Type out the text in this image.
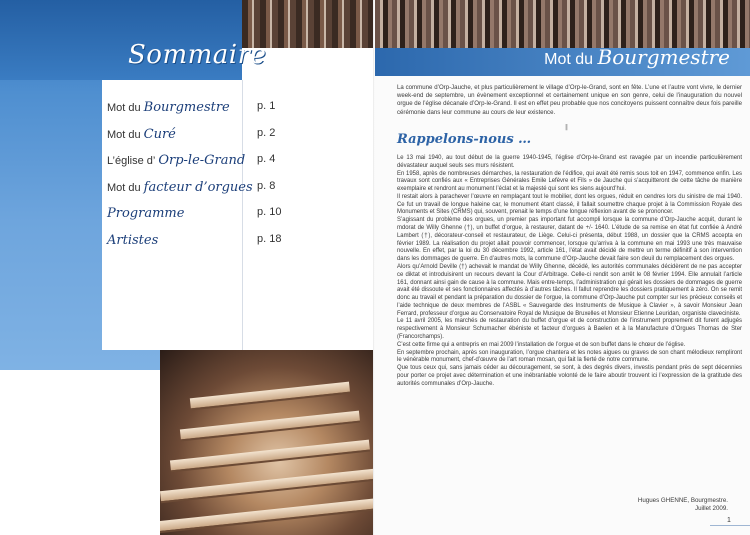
Sommaire
Mot du Bourgmestre p. 1
Mot du Curé	p. 2
L’église d’ Orp-le-Grand p. 4
Mot du facteur d’orgues p. 8
Programme	p. 10
Artistes	p. 18
Mot du Bourgmestre
La commune d’Orp-Jauche, et plus particulièrement le village d’Orp-le-Grand, sont en fête. L’une et l’autre vont vivre, le dernier week-end de septembre, un évènement exceptionnel et certainement unique en son genre, celui de l’inauguration du nouvel orgue de l’église décanale d’Orp-le-Grand. Il est en effet peu probable que nos concitoyens puissent connaître deux fois pareille cérémonie dans leur commune au cours de leur existence.
‖
Rappelons-nous …

Le 13 mai 1940, au tout début de la guerre 1940-1945, l’église d’Orp-le-Grand est ravagée par un incendie particulièrement dévastateur auquel seuls ses murs résistent.

En 1958, après de nombreuses démarches, la restauration de l’édifice, qui avait été remis sous toit en 1947, commence enfin. Les travaux sont confiés aux « Entreprises Générales Emile Lefèvre et Fils » de Jauche qui s’acquitteront de cette tâche de manière exemplaire et rendront au monument l’éclat et la majesté qui sont les siens aujourd’hui.

Il restait alors à parachever l’œuvre en remplaçant tout le mobilier, dont les orgues, réduit en cendres lors du sinistre de mai 1940. Ce fut un travail de longue haleine car, le monument étant classé, il fallait soumettre chaque projet à la Commission Royale des Monuments et Sites (CRMS) qui, souvent, prenait le temps d’une longue réflexion avant de se prononcer.

S’agissant du problème des orgues, un premier pas important fut accompli lorsque la commune d’Orp-Jauche acquit, durant le mdorat de Willy Ghenne (†), un buffet d’orgue, à restaurer, datant de +/- 1640. L’étude de sa remise en état fut confiée à André Lambert (†), décorateur-conseil et restaurateur, de Liège. Celui-ci présenta, début 1988, un dossier que la CRMS accepta en février 1989. La réalisation du projet allait pouvoir commencer, lorsque qu’arriva à la commune en mai 1993 une très mauvaise nouvelle. En effet, par la loi du 30 décembre 1992, article 161, l’état avait décidé de mettre un terme définitif à son intervention dans les dommages de guerre. En d’autres mots, la commune d’Orp-Jauche devait faire son deuil du remplacement des orgues.

Alors qu’Arnold Deville (†) achevait le mandat de Willy Ghenne, décédé, les autorités communales décidèrent de ne pas accepter ce diktat et introduisirent un recours devant la Cour d’Arbitrage. Celle-ci rendit son arrêt le 08 février 1994. Elle annulait l’article 161, donnant ainsi gain de cause à la commune. Mais entre-temps, l’administration qui gérait les dossiers de dommages de guerre avait été dissoute et ses fonctionnaires affectés à d’autres tâches. Il fallut reprendre les dossiers pratiquement à zéro. On se remit donc au travail et pendant la préparation du dossier de l’orgue, la commune d’Orp-Jauche put compter sur les précieux conseils et l’aide technique de deux membres de l’ASBL « Sauvegarde des Instruments de Musique à Clavier », à savoir Monsieur Jean Ferrard, professeur d’orgue au Conservatoire Royal de Musique de Bruxelles et Monsieur Etienne Leuridan, organiste claveciniste.

Le 11 avril 2005, les marchés de restauration du buffet d’orgue et de construction de l’instrument proprement dit furent adjugés respectivement à Monsieur Schumacher ébéniste et facteur d’orgues à Baelen et à la Manufacture d’Orgues Thomas de Ster (Francorchamps).

C’est cette firme qui a entrepris en mai 2009 l’installation de l’orgue et de son buffet dans le chœur de l’église.

En septembre prochain, après son inauguration, l’orgue chantera et les notes aigues ou graves de son chant mélodieux rempliront le vénérable monument, chef-d’œuvre de l’art roman mosan, qui fait la fierté de notre commune.

Que tous ceux qui, sans jamais céder au découragement, se sont, à des degrés divers, investis pendant près de sept décennies pour porter ce projet avec détermination et une inébranlable volonté de le faire aboutir trouvent ici l’expression de la gratitude des autorités communales d’Orp-Jauche.

Hugues GHENNE, Bourgmestre.
Juillet 2009.
1
